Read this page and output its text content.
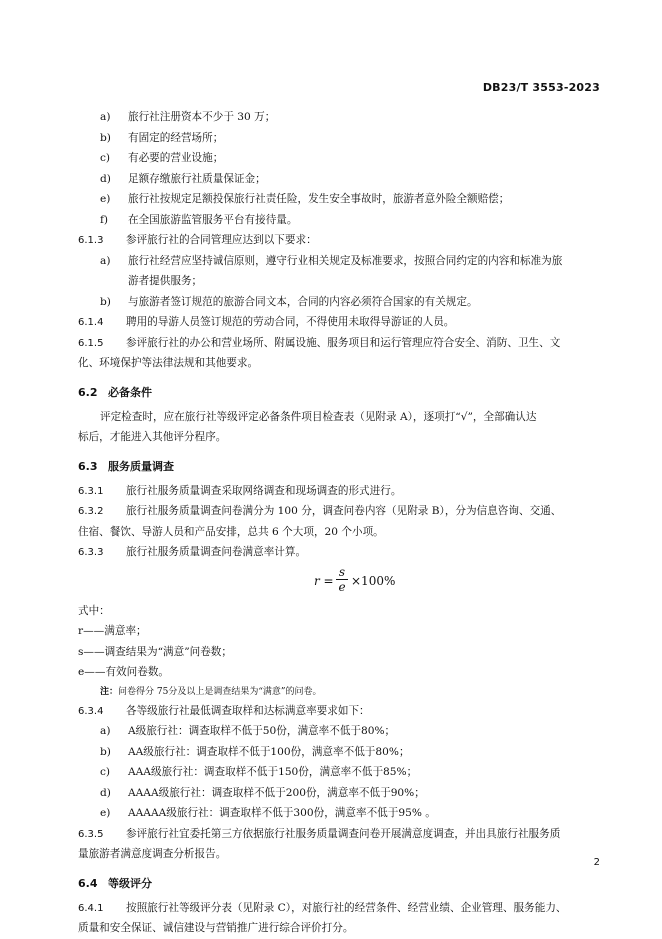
DB23/T 3553-2023
a)	旅行社注册资本不少于 30 万；
b)	有固定的经营场所；
c)	有必要的营业设施；
d)	足额存缴旅行社质量保证金；
e)	旅行社按规定足额投保旅行社责任险，发生安全事故时，旅游者意外险全额赔偿；
f)	在全国旅游监管服务平台有接待量。
6.1.3 参评旅行社的合同管理应达到以下要求：
a)	旅行社经营应坚持诚信原则，遵守行业相关规定及标准要求，按照合同约定的内容和标准为旅
游者提供服务；
b)	与旅游者签订规范的旅游合同文本，合同的内容必须符合国家的有关规定。
6.1.4 聘用的导游人员签订规范的劳动合同，不得使用未取得导游证的人员。
6.1.5 参评旅行社的办公和营业场所、附属设施、服务项目和运行管理应符合安全、消防、卫生、文
化、环境保护等法律法规和其他要求。
6.2 必备条件
评定检查时，应在旅行社等级评定必备条件项目检查表（见附录 A），逐项打“√”，全部确认达
标后，才能进入其他评分程序。
6.3 服务质量调查
6.3.1 旅行社服务质量调查采取网络调查和现场调查的形式进行。
6.3.2 旅行社服务质量调查问卷满分为 100 分，调查问卷内容（见附录 B），分为信息咨询、交通、
住宿、餐饮、导游人员和产品安排，总共 6 个大项，20 个小项。
6.3.3 旅行社服务质量调查问卷满意率计算。
$r = \frac{s}{e} \times 100\%$
式中：
r——满意率；
s——调查结果为“满意”问卷数；
e——有效问卷数。
注：问卷得分 75分及以上是调查结果为“满意”的问卷。
6.3.4 各等级旅行社最低调查取样和达标满意率要求如下：
a)	A级旅行社：调查取样不低于50份，满意率不低于80%；
b)	AA级旅行社：调查取样不低于100份，满意率不低于80%；
c)	AAA级旅行社：调查取样不低于150份，满意率不低于85%；
d)	AAAA级旅行社：调查取样不低于200份，满意率不低于90%；
e)	AAAAA级旅行社：调查取样不低于300份，满意率不低于95% 。
6.3.5 参评旅行社宜委托第三方依据旅行社服务质量调查问卷开展满意度调查，并出具旅行社服务质
量旅游者满意度调查分析报告。
6.4 等级评分
6.4.1 按照旅行社等级评分表（见附录 C），对旅行社的经营条件、经营业绩、企业管理、服务能力、
质量和安全保证、诚信建设与营销推广进行综合评价打分。
2
